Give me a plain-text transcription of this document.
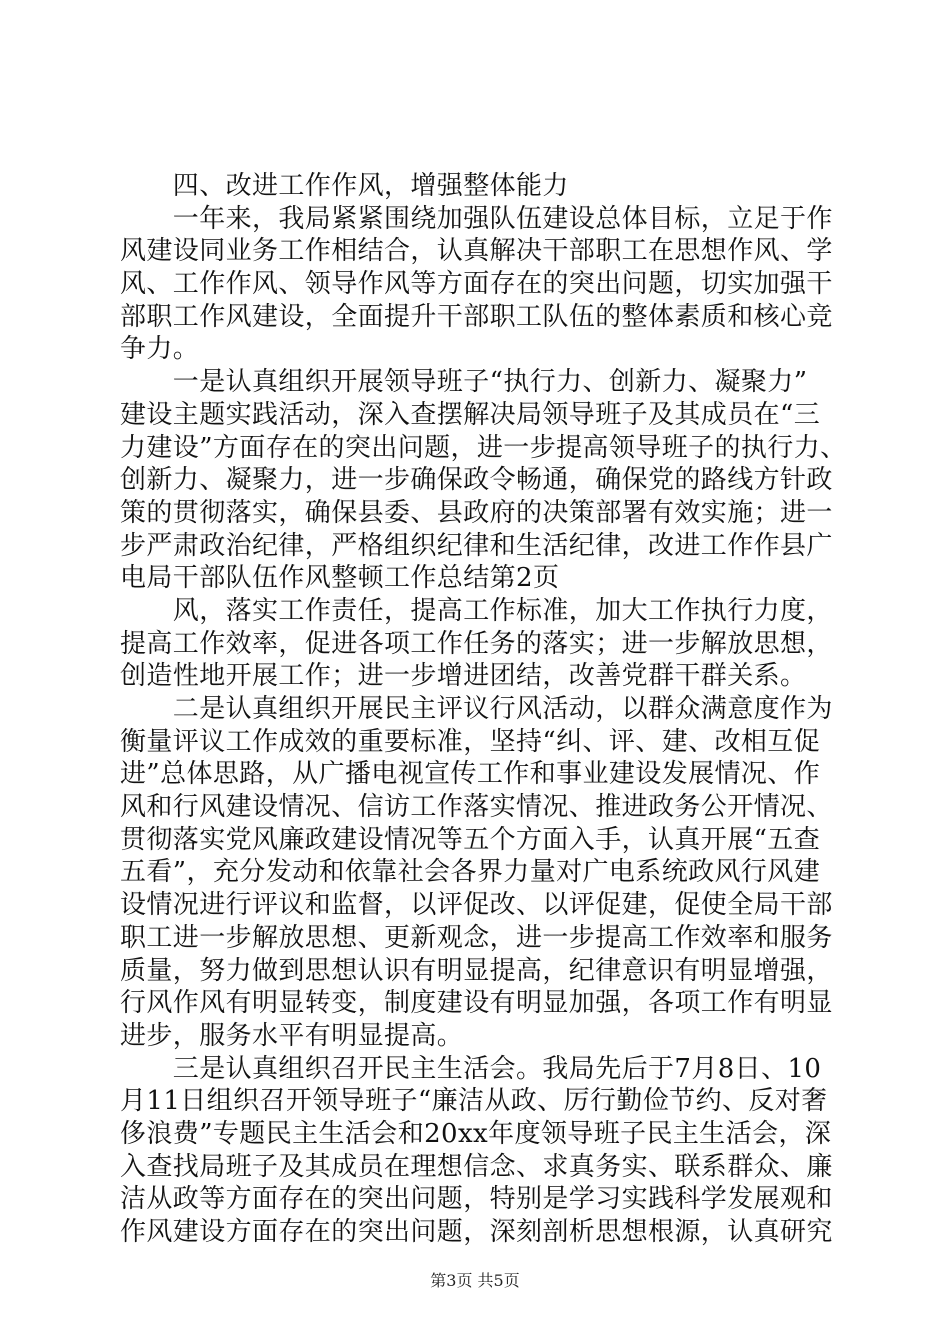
　　四、改进工作作风，增强整体能力
　　一年来，我局紧紧围绕加强队伍建设总体目标，立足于作
风建设同业务工作相结合，认真解决干部职工在思想作风、学
风、工作作风、领导作风等方面存在的突出问题，切实加强干
部职工作风建设，全面提升干部职工队伍的整体素质和核心竞
争力。
　　一是认真组织开展领导班子“执行力、创新力、凝聚力”
建设主题实践活动，深入查摆解决局领导班子及其成员在“三
力建设”方面存在的突出问题，进一步提高领导班子的执行力、
创新力、凝聚力，进一步确保政令畅通，确保党的路线方针政
策的贯彻落实，确保县委、县政府的决策部署有效实施；进一
步严肃政治纪律，严格组织纪律和生活纪律，改进工作作县广
电局干部队伍作风整顿工作总结第2页
　　风，落实工作责任，提高工作标准，加大工作执行力度，
提高工作效率，促进各项工作任务的落实；进一步解放思想，
创造性地开展工作；进一步增进团结，改善党群干群关系。
　　二是认真组织开展民主评议行风活动，以群众满意度作为
衡量评议工作成效的重要标准，坚持“纠、评、建、改相互促
进”总体思路，从广播电视宣传工作和事业建设发展情况、作
风和行风建设情况、信访工作落实情况、推进政务公开情况、
贯彻落实党风廉政建设情况等五个方面入手，认真开展“五查
五看”，充分发动和依靠社会各界力量对广电系统政风行风建
设情况进行评议和监督，以评促改、以评促建，促使全局干部
职工进一步解放思想、更新观念，进一步提高工作效率和服务
质量，努力做到思想认识有明显提高，纪律意识有明显增强，
行风作风有明显转变，制度建设有明显加强，各项工作有明显
进步，服务水平有明显提高。
　　三是认真组织召开民主生活会。我局先后于7月8日、10
月11日组织召开领导班子“廉洁从政、厉行勤俭节约、反对奢
侈浪费”专题民主生活会和20xx年度领导班子民主生活会，深
入查找局班子及其成员在理想信念、求真务实、联系群众、廉
洁从政等方面存在的突出问题，特别是学习实践科学发展观和
作风建设方面存在的突出问题，深刻剖析思想根源，认真研究
第3页 共5页
